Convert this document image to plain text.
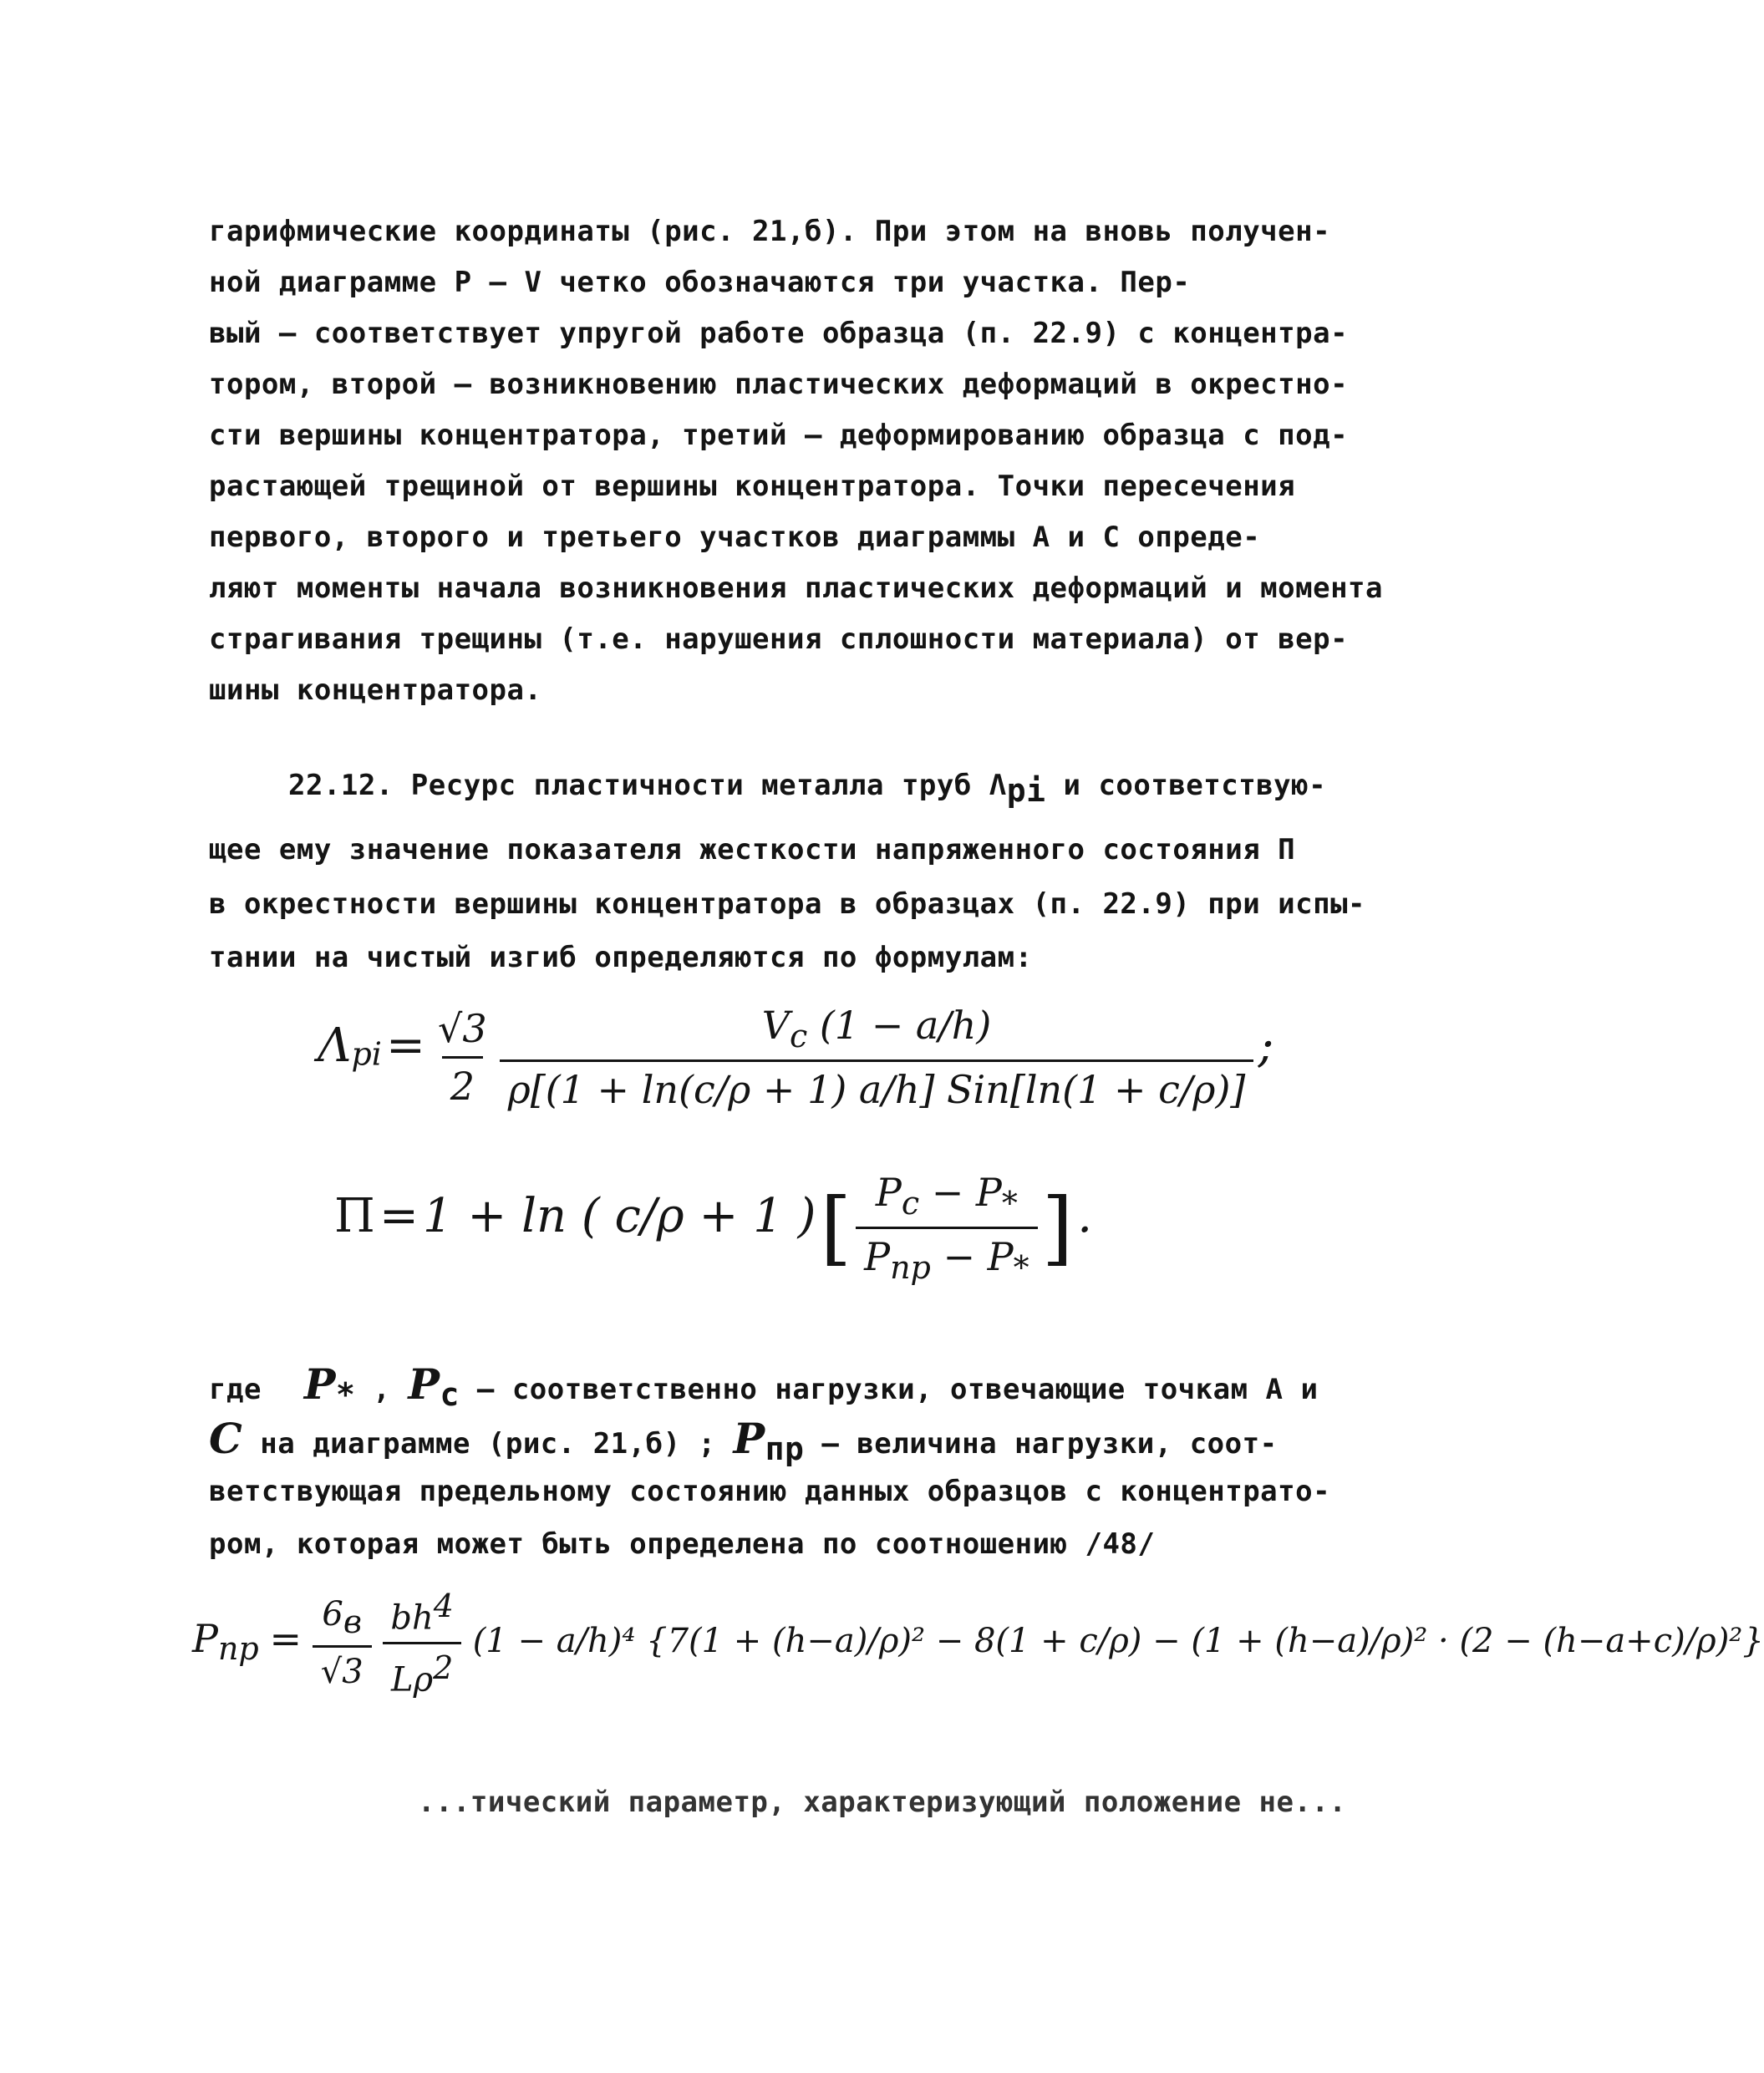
гарифмические координаты (рис. 21,б). При этом на вновь получен-
ной диаграмме P – V четко обозначаются три участка. Пер-
вый – соответствует упругой работе образца (п. 22.9) с концентра-
тором, второй – возникновению пластических деформаций в окрестно-
сти вершины концентратора, третий – деформированию образца с под-
растающей трещиной от вершины концентратора. Точки пересечения
первого, второго и третьего участков диаграммы A и C опреде-
ляют моменты начала возникновения пластических деформаций и момента
страгивания трещины (т.е. нарушения сплошности материала) от вер-
шины концентратора.
22.12. Ресурс пластичности металла труб $\Lambda_{pi}$ и соответствую-
щее ему значение показателя жесткости напряженного состояния П
в окрестности вершины концентратора в образцах (п. 22.9) при испы-
тании на чистый изгиб определяются по формулам:
$\Lambda_{pi} = \frac{√3}{2}$
$\frac{V_c (1 - a/h)}{\text{ρ[(1 + ln(c/ρ + 1) a/h] Sin[ln(1 + c/ρ)]}}$ ;
П = 1 + ln ( c/ρ + 1 ) [ $\frac{P_c - P_*}{P_{пр} - P_*}$ ] .
где $P_*$ , $P_c$ – соответственно нагрузки, отвечающие точкам A и
C на диаграмме (рис. 21,б) ; $P_{пр}$ – величина нагрузки, соот-
ветствующая предельному состоянию данных образцов с концентрато-
ром, которая может быть определена по соотношению /48/
$P_{пр} = \frac{6_в}{√3}$
$\frac{bh^4}{L\rho^2} (1 - a/h)^4$ {7(1 + (h−a)/ρ)² − 8(1 + c/ρ) − (1 + (h−a)/ρ)² · (2 − (h−a+c)/ρ)²}
...тический параметр, характеризующий положение не...
